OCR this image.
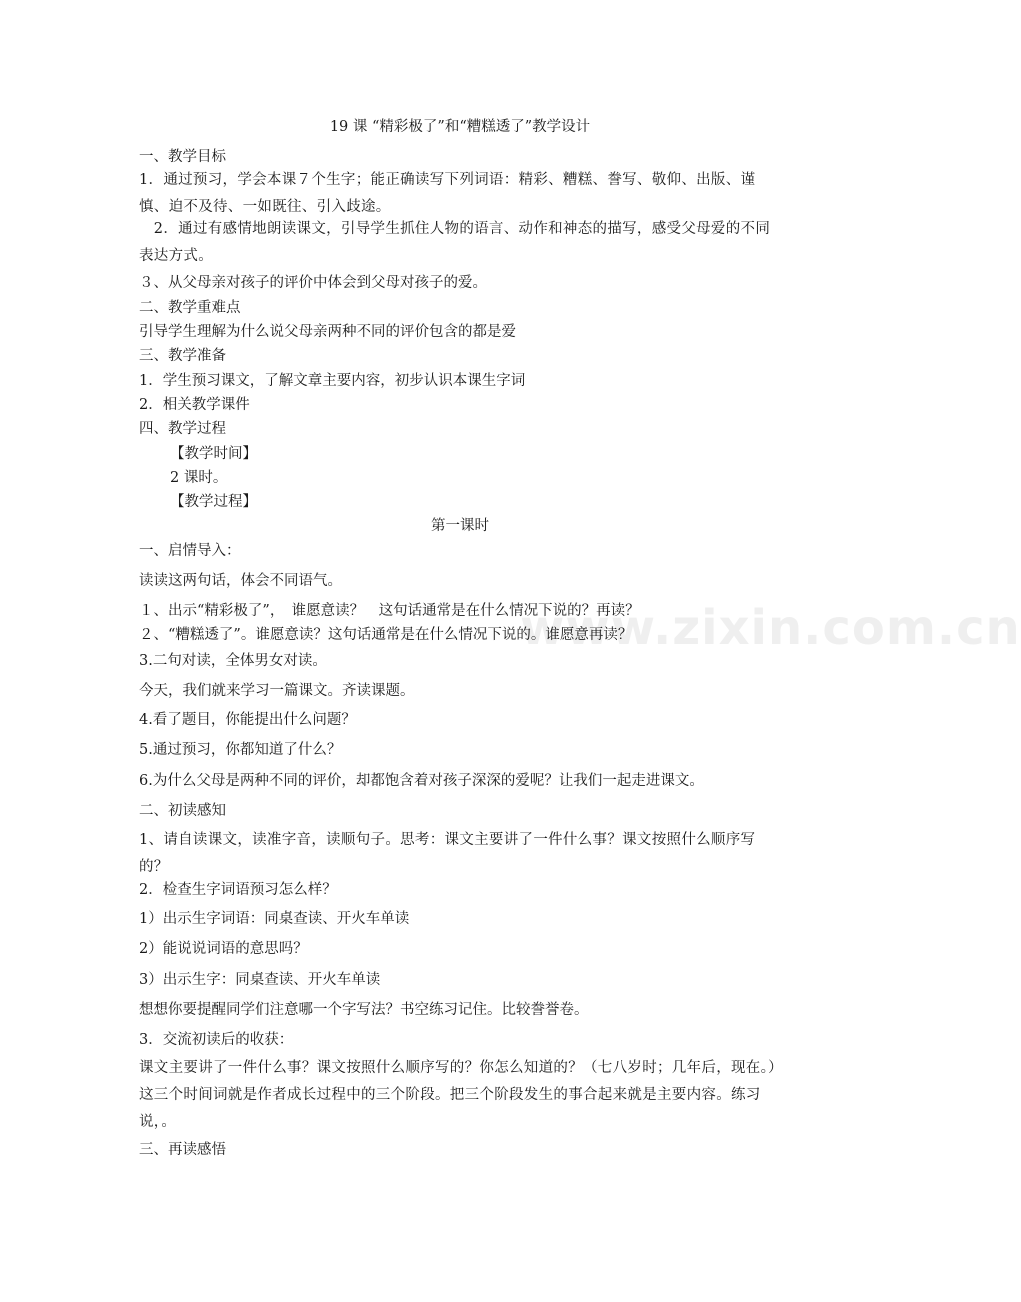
www.zixin.com.cn
19 课 “精彩极了”和“糟糕透了”教学设计
一、教学目标
1．通过预习，学会本课７个生字；能正确读写下列词语：精彩、糟糕、誊写、敬仰、出版、谨慎、迫不及待、一如既往、引入歧途。
　2．通过有感情地朗读课文，引导学生抓住人物的语言、动作和神态的描写，感受父母爱的不同表达方式。
３、从父母亲对孩子的评价中体会到父母对孩子的爱。
二、教学重难点
引导学生理解为什么说父母亲两种不同的评价包含的都是爱
三、教学准备
1．学生预习课文，了解文章主要内容，初步认识本课生字词
2．相关教学课件
四、教学过程
【教学时间】
2 课时。
【教学过程】
第一课时
一、启情导入：
读读这两句话，体会不同语气。
１、出示“精彩极了”，　谁愿意读？　这句话通常是在什么情况下说的？再读？
２、“糟糕透了”。谁愿意读？这句话通常是在什么情况下说的。谁愿意再读？
3.二句对读，全体男女对读。
今天，我们就来学习一篇课文。齐读课题。
4.看了题目，你能提出什么问题？
5.通过预习，你都知道了什么？
6.为什么父母是两种不同的评价，却都饱含着对孩子深深的爱呢？让我们一起走进课文。
二、初读感知
1、请自读课文，读准字音，读顺句子。思考：课文主要讲了一件什么事？课文按照什么顺序写的？
2．检查生字词语预习怎么样？
1）出示生字词语：同桌查读、开火车单读
2）能说说词语的意思吗？
3）出示生字：同桌查读、开火车单读
想想你要提醒同学们注意哪一个字写法？书空练习记住。比较誊誉卷。
3．交流初读后的收获：
课文主要讲了一件什么事？课文按照什么顺序写的？你怎么知道的？（七八岁时；几年后，现在。）这三个时间词就是作者成长过程中的三个阶段。把三个阶段发生的事合起来就是主要内容。练习说，。
三、再读感悟
